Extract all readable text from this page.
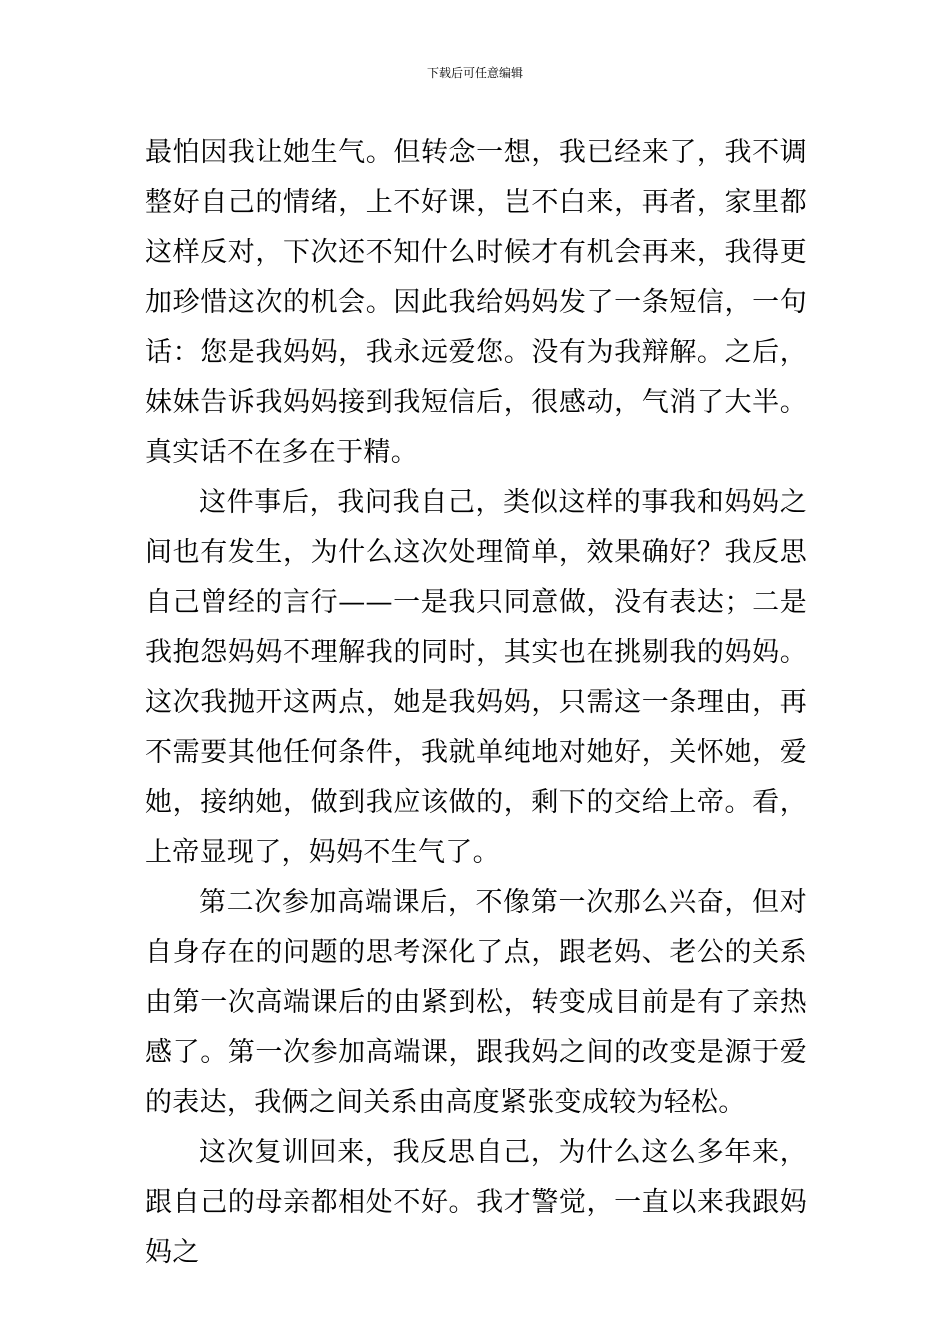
下载后可任意编辑

最怕因我让她生气。但转念一想，我已经来了，我不调整好自己的情绪，上不好课，岂不白来，再者，家里都这样反对，下次还不知什么时候才有机会再来，我得更加珍惜这次的机会。因此我给妈妈发了一条短信，一句话：您是我妈妈，我永远爱您。没有为我辩解。之后，妹妹告诉我妈妈接到我短信后，很感动，气消了大半。真实话不在多在于精。

这件事后，我问我自己，类似这样的事我和妈妈之间也有发生，为什么这次处理简单，效果确好？我反思自己曾经的言行——一是我只同意做，没有表达；二是我抱怨妈妈不理解我的同时，其实也在挑剔我的妈妈。这次我抛开这两点，她是我妈妈，只需这一条理由，再不需要其他任何条件，我就单纯地对她好，关怀她，爱她，接纳她，做到我应该做的，剩下的交给上帝。看，上帝显现了，妈妈不生气了。

第二次参加高端课后，不像第一次那么兴奋，但对自身存在的问题的思考深化了点，跟老妈、老公的关系由第一次高端课后的由紧到松，转变成目前是有了亲热感了。第一次参加高端课，跟我妈之间的改变是源于爱的表达，我俩之间关系由高度紧张变成较为轻松。

这次复训回来，我反思自己，为什么这么多年来，跟自己的母亲都相处不好。我才警觉，一直以来我跟妈妈之
